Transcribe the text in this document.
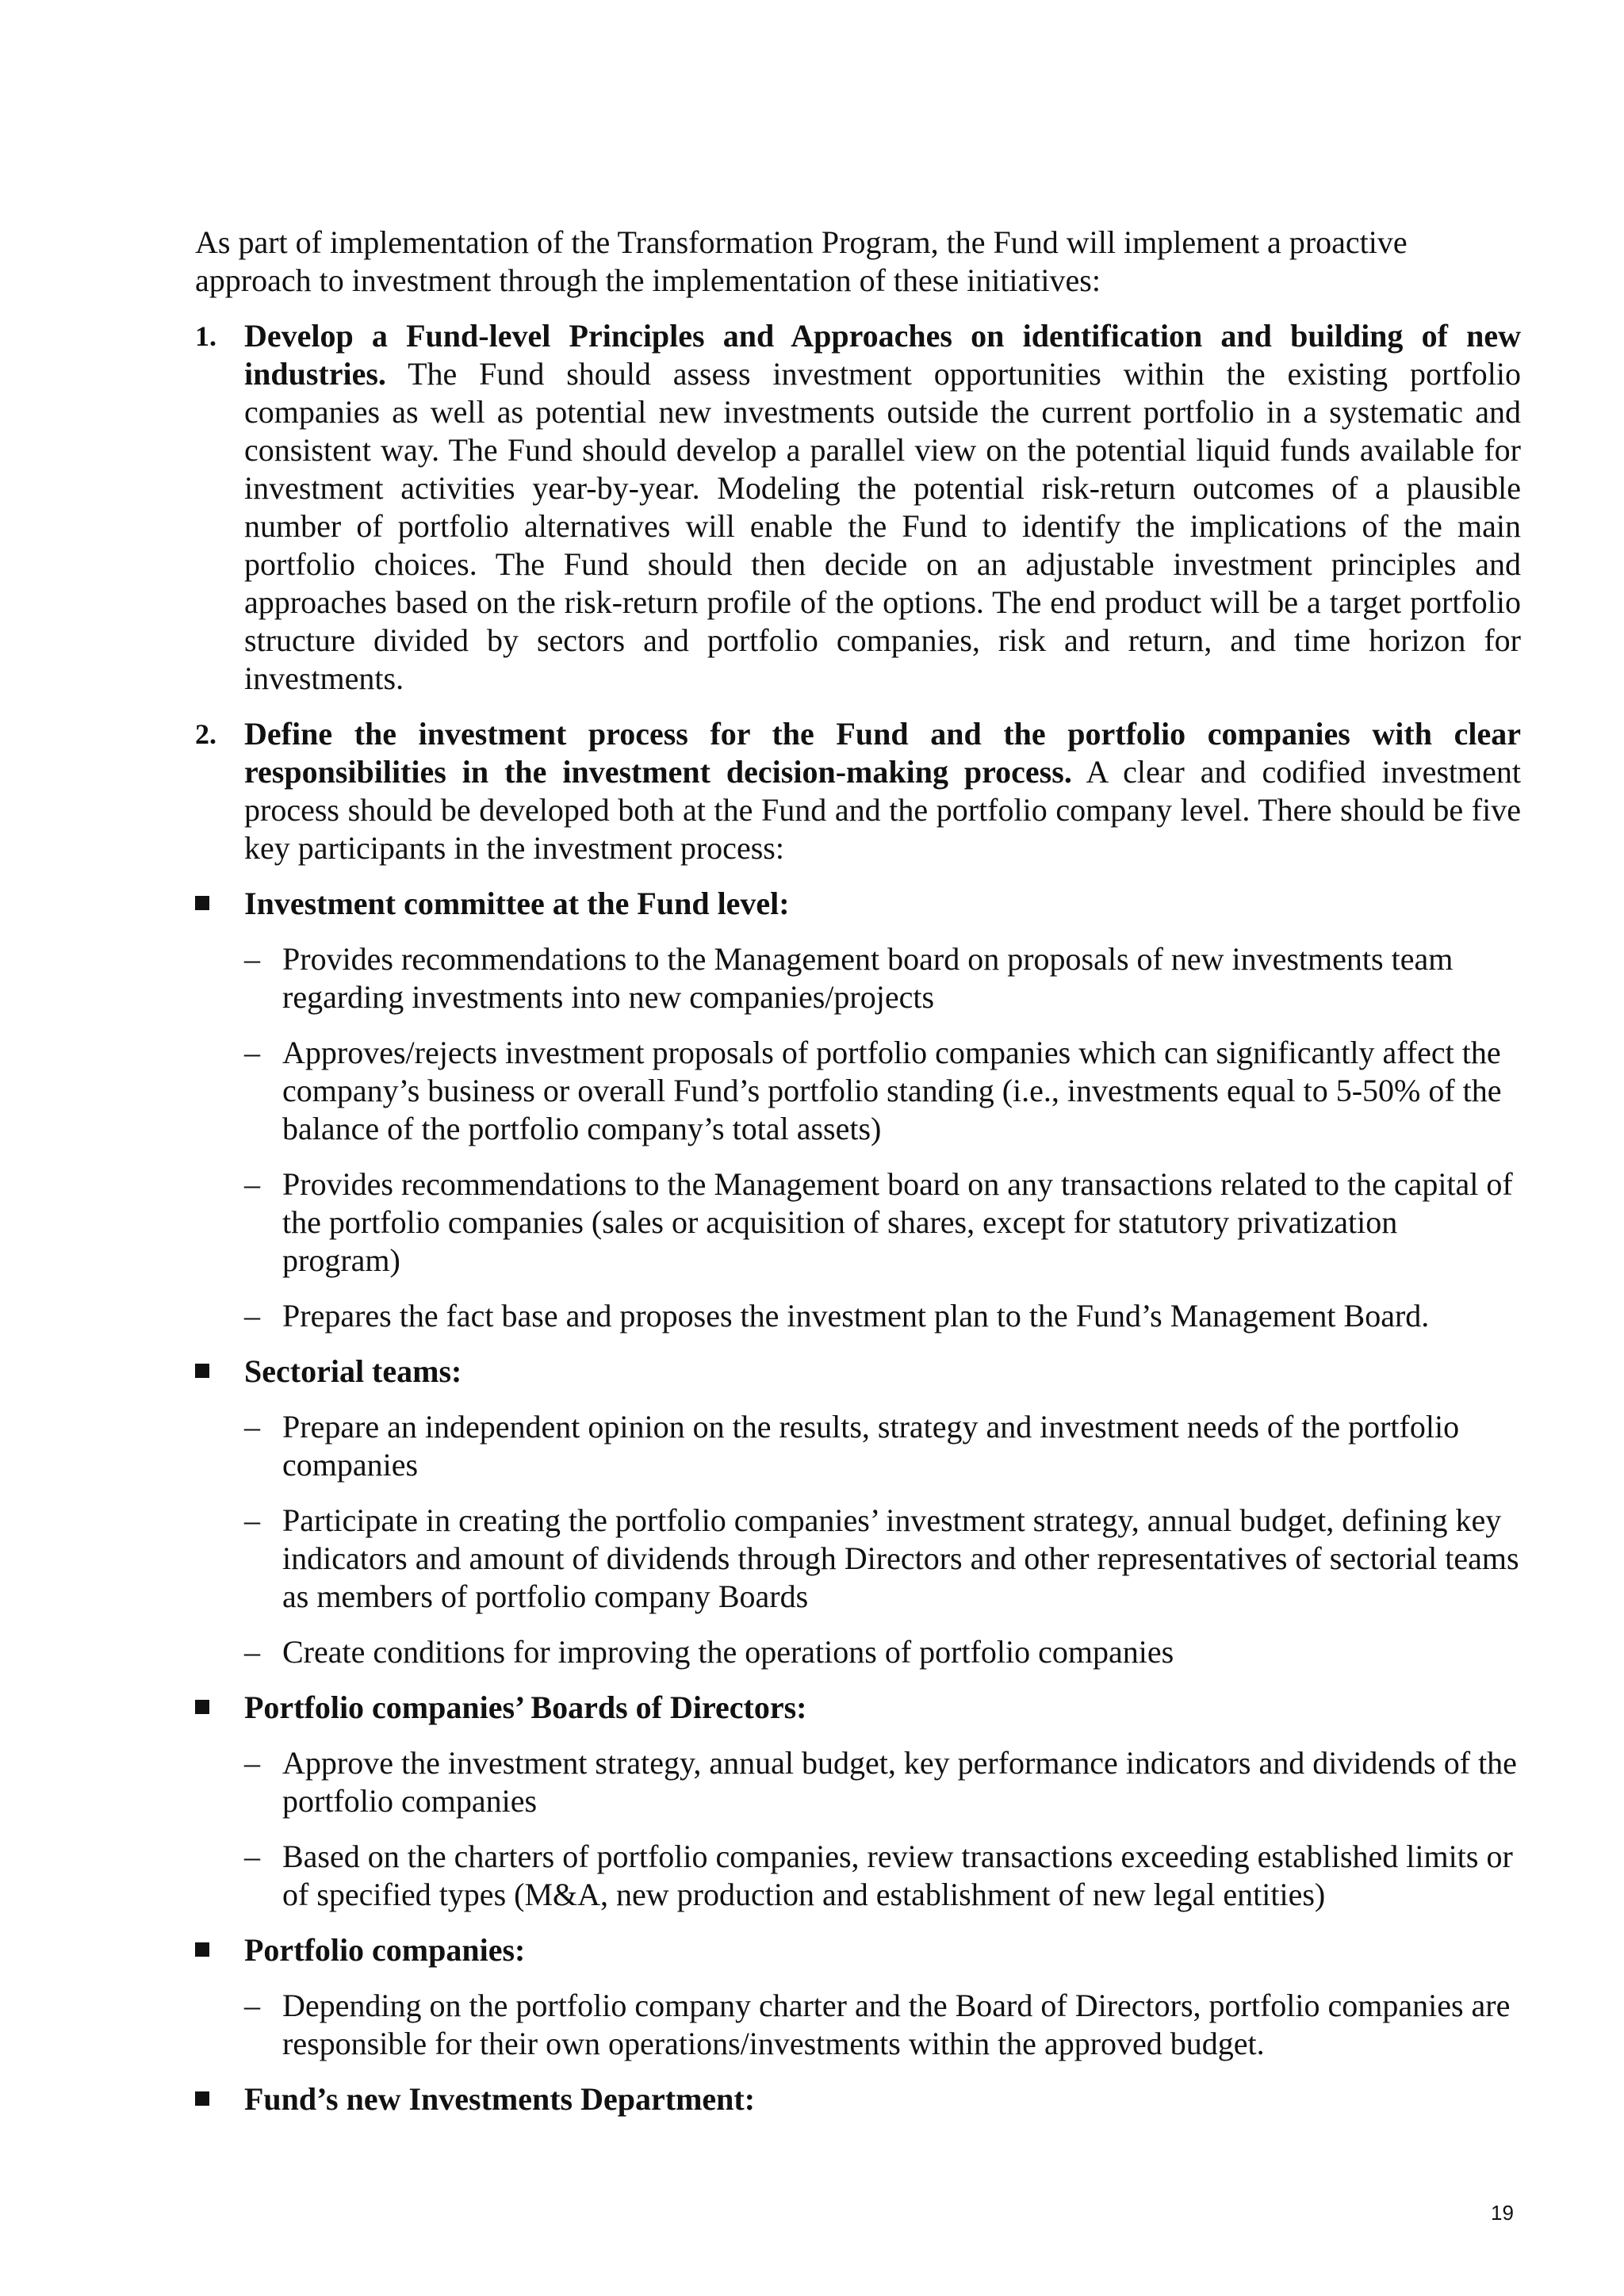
As part of implementation of the Transformation Program, the Fund will implement a proactive approach to investment through the implementation of these initiatives:

1. Develop a Fund-level Principles and Approaches on identification and building of new industries. The Fund should assess investment opportunities within the existing portfolio companies as well as potential new investments outside the current portfolio in a systematic and consistent way. The Fund should develop a parallel view on the potential liquid funds available for investment activities year-by-year. Modeling the potential risk-return outcomes of a plausible number of portfolio alternatives will enable the Fund to identify the implications of the main portfolio choices. The Fund should then decide on an adjustable investment principles and approaches based on the risk-return profile of the options. The end product will be a target portfolio structure divided by sectors and portfolio companies, risk and return, and time horizon for investments.
2. Define the investment process for the Fund and the portfolio companies with clear responsibilities in the investment decision-making process. A clear and codified investment process should be developed both at the Fund and the portfolio company level. There should be five key participants in the investment process:
Investment committee at the Fund level:
– Provides recommendations to the Management board on proposals of new investments team regarding investments into new companies/projects
– Approves/rejects investment proposals of portfolio companies which can significantly affect the company’s business or overall Fund’s portfolio standing (i.e., investments equal to 5-50% of the balance of the portfolio company’s total assets)
– Provides recommendations to the Management board on any transactions related to the capital of the portfolio companies (sales or acquisition of shares, except for statutory privatization program)
– Prepares the fact base and proposes the investment plan to the Fund’s Management Board.
Sectorial teams:
– Prepare an independent opinion on the results, strategy and investment needs of the portfolio companies
– Participate in creating the portfolio companies’ investment strategy, annual budget, defining key indicators and amount of dividends through Directors and other representatives of sectorial teams as members of portfolio company Boards
– Create conditions for improving the operations of portfolio companies
Portfolio companies’ Boards of Directors:
– Approve the investment strategy, annual budget, key performance indicators and dividends of the portfolio companies
– Based on the charters of portfolio companies, review transactions exceeding established limits or of specified types (M&A, new production and establishment of new legal entities)
Portfolio companies:
– Depending on the portfolio company charter and the Board of Directors, portfolio companies are responsible for their own operations/investments within the approved budget.
Fund’s new Investments Department:
19
